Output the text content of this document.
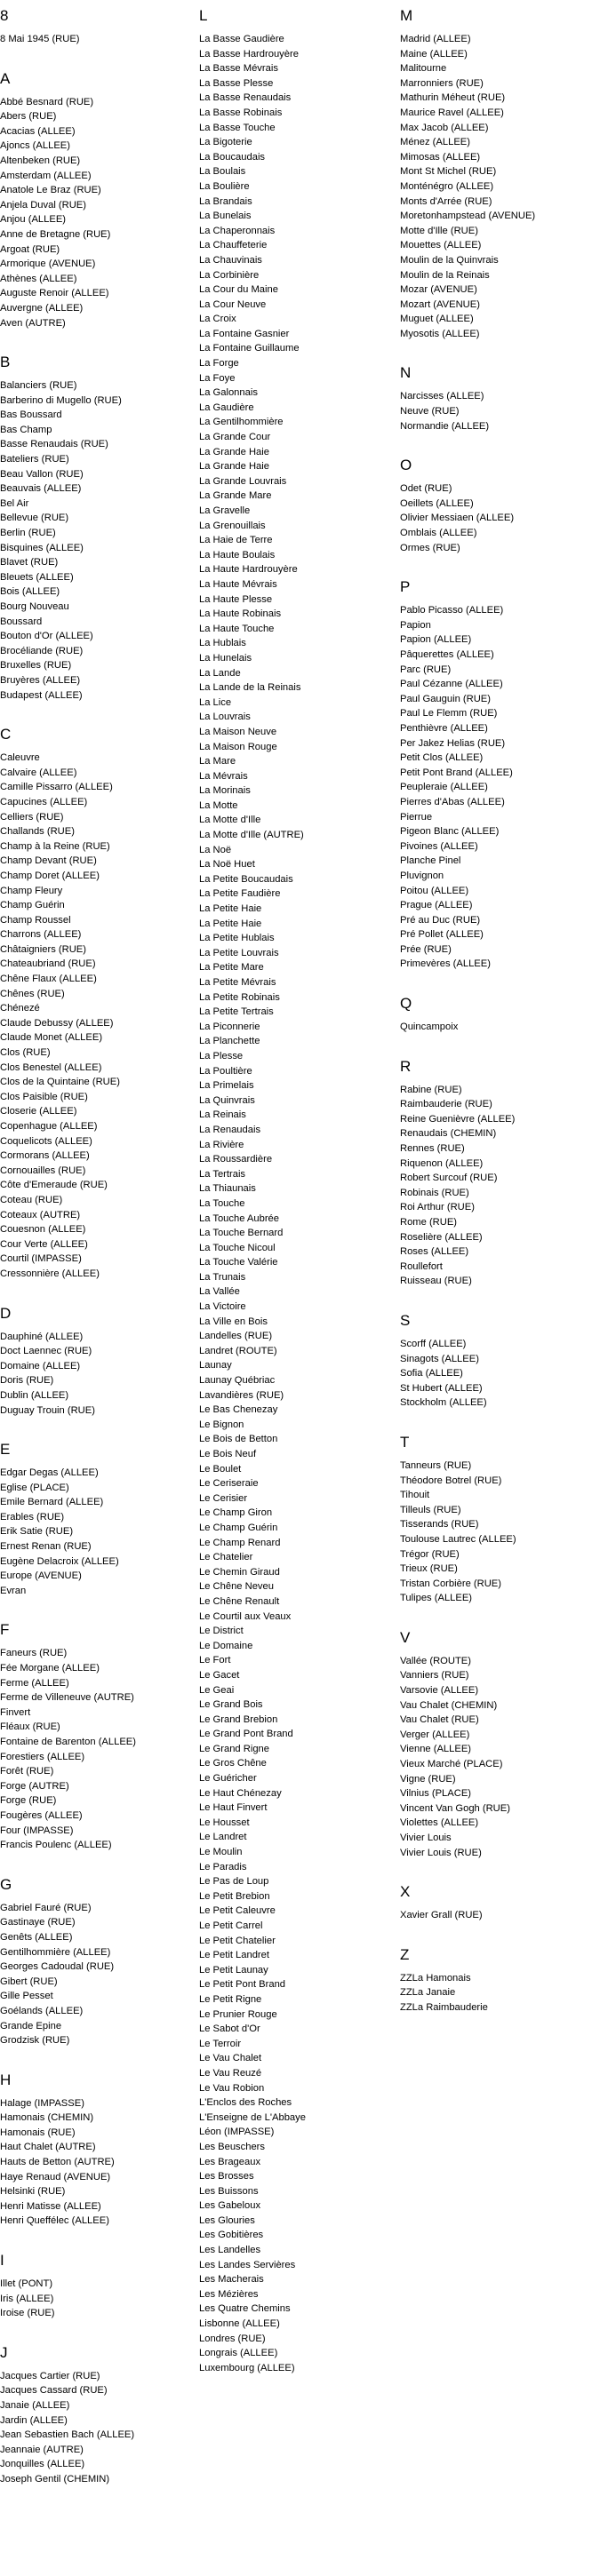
8
8 Mai 1945 (RUE)
A
Abbé Besnard (RUE)
Abers (RUE)
Acacias (ALLEE)
Ajoncs (ALLEE)
Altenbeken (RUE)
Amsterdam (ALLEE)
Anatole Le Braz (RUE)
Anjela Duval (RUE)
Anjou (ALLEE)
Anne de Bretagne (RUE)
Argoat (RUE)
Armorique (AVENUE)
Athènes (ALLEE)
Auguste Renoir (ALLEE)
Auvergne (ALLEE)
Aven (AUTRE)
B
Balanciers (RUE)
Barberino di Mugello (RUE)
Bas Boussard
Bas Champ
Basse Renaudais (RUE)
Bateliers (RUE)
Beau Vallon (RUE)
Beauvais (ALLEE)
Bel Air
Bellevue (RUE)
Berlin (RUE)
Bisquines (ALLEE)
Blavet (RUE)
Bleuets (ALLEE)
Bois (ALLEE)
Bourg Nouveau
Boussard
Bouton d'Or (ALLEE)
Brocéliande (RUE)
Bruxelles (RUE)
Bruyères (ALLEE)
Budapest (ALLEE)
C
Caleuvre
Calvaire (ALLEE)
Camille Pissarro (ALLEE)
Capucines (ALLEE)
Celliers (RUE)
Challands (RUE)
Champ à la Reine (RUE)
Champ Devant (RUE)
Champ Doret (ALLEE)
Champ Fleury
Champ Guérin
Champ Roussel
Charrons (ALLEE)
Châtaigniers (RUE)
Chateaubriand (RUE)
Chêne Flaux (ALLEE)
Chênes (RUE)
Chénezé
Claude Debussy (ALLEE)
Claude Monet (ALLEE)
Clos (RUE)
Clos Benestel (ALLEE)
Clos de la Quintaine (RUE)
Clos Paisible (RUE)
Closerie (ALLEE)
Copenhague (ALLEE)
Coquelicots (ALLEE)
Cormorans (ALLEE)
Cornouailles (RUE)
Côte d'Emeraude (RUE)
Coteau (RUE)
Coteaux (AUTRE)
Couesnon (ALLEE)
Cour Verte (ALLEE)
Courtil (IMPASSE)
Cressonnière (ALLEE)
D
Dauphiné (ALLEE)
Doct Laennec (RUE)
Domaine (ALLEE)
Doris (RUE)
Dublin (ALLEE)
Duguay Trouin (RUE)
E
Edgar Degas (ALLEE)
Eglise (PLACE)
Emile Bernard (ALLEE)
Erables (RUE)
Erik Satie (RUE)
Ernest Renan (RUE)
Eugène Delacroix (ALLEE)
Europe (AVENUE)
Evran
F
Faneurs (RUE)
Fée Morgane (ALLEE)
Ferme (ALLEE)
Ferme de Villeneuve (AUTRE)
Finvert
Fléaux (RUE)
Fontaine de Barenton (ALLEE)
Forestiers (ALLEE)
Forêt (RUE)
Forge (AUTRE)
Forge (RUE)
Fougères (ALLEE)
Four (IMPASSE)
Francis Poulenc (ALLEE)
G
Gabriel Fauré (RUE)
Gastinaye (RUE)
Genêts (ALLEE)
Gentilhommière (ALLEE)
Georges Cadoudal (RUE)
Gibert (RUE)
Gille Pesset
Goélands (ALLEE)
Grande Epine
Grodzisk (RUE)
H
Halage (IMPASSE)
Hamonais (CHEMIN)
Hamonais (RUE)
Haut Chalet (AUTRE)
Hauts de Betton (AUTRE)
Haye Renaud (AVENUE)
Helsinki (RUE)
Henri Matisse (ALLEE)
Henri Queffélec (ALLEE)
I
Illet (PONT)
Iris (ALLEE)
Iroise (RUE)
J
Jacques Cartier (RUE)
Jacques Cassard (RUE)
Janaie (ALLEE)
Jardin (ALLEE)
Jean Sebastien Bach (ALLEE)
Jeannaie (AUTRE)
Jonquilles (ALLEE)
Joseph Gentil (CHEMIN)
L
La Basse Gaudière
La Basse Hardrouyère
La Basse Mévrais
La Basse Plesse
La Basse Renaudais
La Basse Robinais
La Basse Touche
La Bigoterie
La Boucaudais
La Boulais
La Boulière
La Brandais
La Bunelais
La Chaperonnais
La Chauffeterie
La Chauvinais
La Corbinière
La Cour du Maine
La Cour Neuve
La Croix
La Fontaine Gasnier
La Fontaine Guillaume
La Forge
La Foye
La Galonnais
La Gaudière
La Gentilhommière
La Grande Cour
La Grande Haie
La Grande Haie
La Grande Louvrais
La Grande Mare
La Gravelle
La Grenouillais
La Haie de Terre
La Haute Boulais
La Haute Hardrouyère
La Haute Mévrais
La Haute Plesse
La Haute Robinais
La Haute Touche
La Hublais
La Hunelais
La Lande
La Lande de la Reinais
La Lice
La Louvrais
La Maison Neuve
La Maison Rouge
La Mare
La Mévrais
La Morinais
La Motte
La Motte d'Ille
La Motte d'Ille (AUTRE)
La Noë
La Noë Huet
La Petite Boucaudais
La Petite Faudière
La Petite Haie
La Petite Haie
La Petite Hublais
La Petite Louvrais
La Petite Mare
La Petite Mévrais
La Petite Robinais
La Petite Tertrais
La Piconnerie
La Planchette
La Plesse
La Poultière
La Primelais
La Quinvrais
La Reinais
La Renaudais
La Rivière
La Roussardière
La Tertrais
La Thiaunais
La Touche
La Touche Aubrée
La Touche Bernard
La Touche Nicoul
La Touche Valérie
La Trunais
La Vallée
La Victoire
La Ville en Bois
Landelles (RUE)
Landret (ROUTE)
Launay
Launay Québriac
Lavandières (RUE)
Le Bas Chenezay
Le Bignon
Le Bois de Betton
Le Bois Neuf
Le Boulet
Le Ceriseraie
Le Cerisier
Le Champ Giron
Le Champ Guérin
Le Champ Renard
Le Chatelier
Le Chemin Giraud
Le Chêne Neveu
Le Chêne Renault
Le Courtil aux Veaux
Le District
Le Domaine
Le Fort
Le Gacet
Le Geai
Le Grand Bois
Le Grand Brebion
Le Grand Pont Brand
Le Grand Rigne
Le Gros Chêne
Le Guéricher
Le Haut Chénezay
Le Haut Finvert
Le Housset
Le Landret
Le Moulin
Le Paradis
Le Pas de Loup
Le Petit Brebion
Le Petit Caleuvre
Le Petit Carrel
Le Petit Chatelier
Le Petit Landret
Le Petit Launay
Le Petit Pont Brand
Le Petit Rigne
Le Prunier Rouge
Le Sabot d'Or
Le Terroir
Le Vau Chalet
Le Vau Reuzé
Le Vau Robion
L'Enclos des Roches
L'Enseigne de L'Abbaye
Léon (IMPASSE)
Les Beuschers
Les Brageaux
Les Brosses
Les Buissons
Les Gabeloux
Les Glouries
Les Gobitières
Les Landelles
Les Landes Servières
Les Macherais
Les Mézières
Les Quatre Chemins
Lisbonne (ALLEE)
Londres (RUE)
Longrais (ALLEE)
Luxembourg (ALLEE)
M
Madrid (ALLEE)
Maine (ALLEE)
Malitourne
Marronniers (RUE)
Mathurin Méheut (RUE)
Maurice Ravel (ALLEE)
Max Jacob (ALLEE)
Ménez (ALLEE)
Mimosas (ALLEE)
Mont St Michel (RUE)
Monténégro (ALLEE)
Monts d'Arrée (RUE)
Moretonhampstead (AVENUE)
Motte d'Ille (RUE)
Mouettes (ALLEE)
Moulin de la Quinvrais
Moulin de la Reinais
Mozar (AVENUE)
Mozart (AVENUE)
Muguet (ALLEE)
Myosotis (ALLEE)
N
Narcisses (ALLEE)
Neuve (RUE)
Normandie (ALLEE)
O
Odet (RUE)
Oeillets (ALLEE)
Olivier Messiaen (ALLEE)
Omblais (ALLEE)
Ormes (RUE)
P
Pablo Picasso (ALLEE)
Papion
Papion (ALLEE)
Pâquerettes (ALLEE)
Parc (RUE)
Paul Cézanne (ALLEE)
Paul Gauguin (RUE)
Paul Le Flemm (RUE)
Penthièvre (ALLEE)
Per Jakez Helias (RUE)
Petit Clos (ALLEE)
Petit Pont Brand (ALLEE)
Peupleraie (ALLEE)
Pierres d'Abas (ALLEE)
Pierrue
Pigeon Blanc (ALLEE)
Pivoines (ALLEE)
Planche Pinel
Pluvignon
Poitou (ALLEE)
Prague (ALLEE)
Pré au Duc (RUE)
Pré Pollet (ALLEE)
Prée (RUE)
Primevères (ALLEE)
Q
Quincampoix
R
Rabine (RUE)
Raimbauderie (RUE)
Reine Guenièvre (ALLEE)
Renaudais (CHEMIN)
Rennes (RUE)
Riquenon (ALLEE)
Robert Surcouf (RUE)
Robinais (RUE)
Roi Arthur (RUE)
Rome (RUE)
Roselière (ALLEE)
Roses (ALLEE)
Roullefort
Ruisseau (RUE)
S
Scorff (ALLEE)
Sinagots (ALLEE)
Sofia (ALLEE)
St Hubert (ALLEE)
Stockholm (ALLEE)
T
Tanneurs (RUE)
Théodore Botrel (RUE)
Tihouit
Tilleuls (RUE)
Tisserands (RUE)
Toulouse Lautrec (ALLEE)
Trégor (RUE)
Trieux (RUE)
Tristan Corbière (RUE)
Tulipes (ALLEE)
V
Vallée (ROUTE)
Vanniers (RUE)
Varsovie (ALLEE)
Vau Chalet (CHEMIN)
Vau Chalet (RUE)
Verger (ALLEE)
Vienne (ALLEE)
Vieux Marché (PLACE)
Vigne (RUE)
Vilnius (PLACE)
Vincent Van Gogh (RUE)
Violettes (ALLEE)
Vivier Louis
Vivier Louis (RUE)
X
Xavier Grall (RUE)
Z
ZZLa Hamonais
ZZLa Janaie
ZZLa Raimbauderie
